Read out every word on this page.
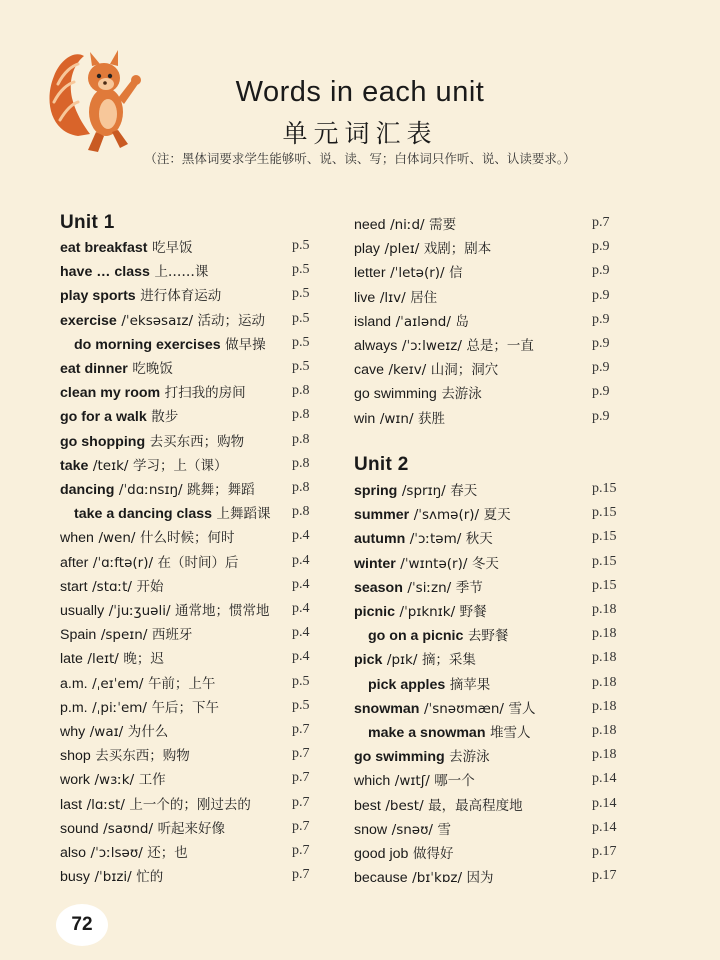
Words in each unit
单元词汇表
（注：黑体词要求学生能够听、说、读、写；白体词只作听、说、认读要求。）
Unit 1
eat breakfast 吃早饭	p.5
have … class 上……课	p.5
play sports 进行体育运动	p.5
exercise /ˈeksəsaɪz/ 活动；运动	p.5
do morning exercises 做早操	p.5
eat dinner 吃晚饭	p.5
clean my room 打扫我的房间	p.8
go for a walk 散步	p.8
go shopping 去买东西；购物	p.8
take /teɪk/ 学习；上（课）	p.8
dancing /ˈdɑːnsɪŋ/ 跳舞；舞蹈	p.8
take a dancing class 上舞蹈课	p.8
when /wen/ 什么时候；何时	p.4
after /ˈɑːftə(r)/ 在（时间）后	p.4
start /stɑːt/ 开始	p.4
usually /ˈjuːʒuəli/ 通常地；惯常地	p.4
Spain /speɪn/ 西班牙	p.4
late /leɪt/ 晚；迟	p.4
a.m. /ˌeɪˈem/ 午前；上午	p.5
p.m. /ˌpiːˈem/ 午后；下午	p.5
why /waɪ/ 为什么	p.7
shop 去买东西；购物	p.7
work /wɜːk/ 工作	p.7
last /lɑːst/ 上一个的；刚过去的	p.7
sound /saʊnd/ 听起来好像	p.7
also /ˈɔːlsəʊ/ 还；也	p.7
busy /ˈbɪzi/ 忙的	p.7
Unit 2
need /niːd/ 需要	p.7
play /pleɪ/ 戏剧；剧本	p.9
letter /ˈletə(r)/ 信	p.9
live /lɪv/ 居住	p.9
island /ˈaɪlənd/ 岛	p.9
always /ˈɔːlweɪz/ 总是；一直	p.9
cave /keɪv/ 山洞；洞穴	p.9
go swimming 去游泳	p.9
win /wɪn/ 获胜	p.9
spring /sprɪŋ/ 春天	p.15
summer /ˈsʌmə(r)/ 夏天	p.15
autumn /ˈɔːtəm/ 秋天	p.15
winter /ˈwɪntə(r)/ 冬天	p.15
season /ˈsiːzn/ 季节	p.15
picnic /ˈpɪknɪk/ 野餐	p.18
go on a picnic 去野餐	p.18
pick /pɪk/ 摘；采集	p.18
pick apples 摘苹果	p.18
snowman /ˈsnəʊmæn/ 雪人	p.18
make a snowman 堆雪人	p.18
go swimming 去游泳	p.18
which /wɪtʃ/ 哪一个	p.14
best /best/ 最，最高程度地	p.14
snow /snəʊ/ 雪	p.14
good job 做得好	p.17
because /bɪˈkɒz/ 因为	p.17
72
